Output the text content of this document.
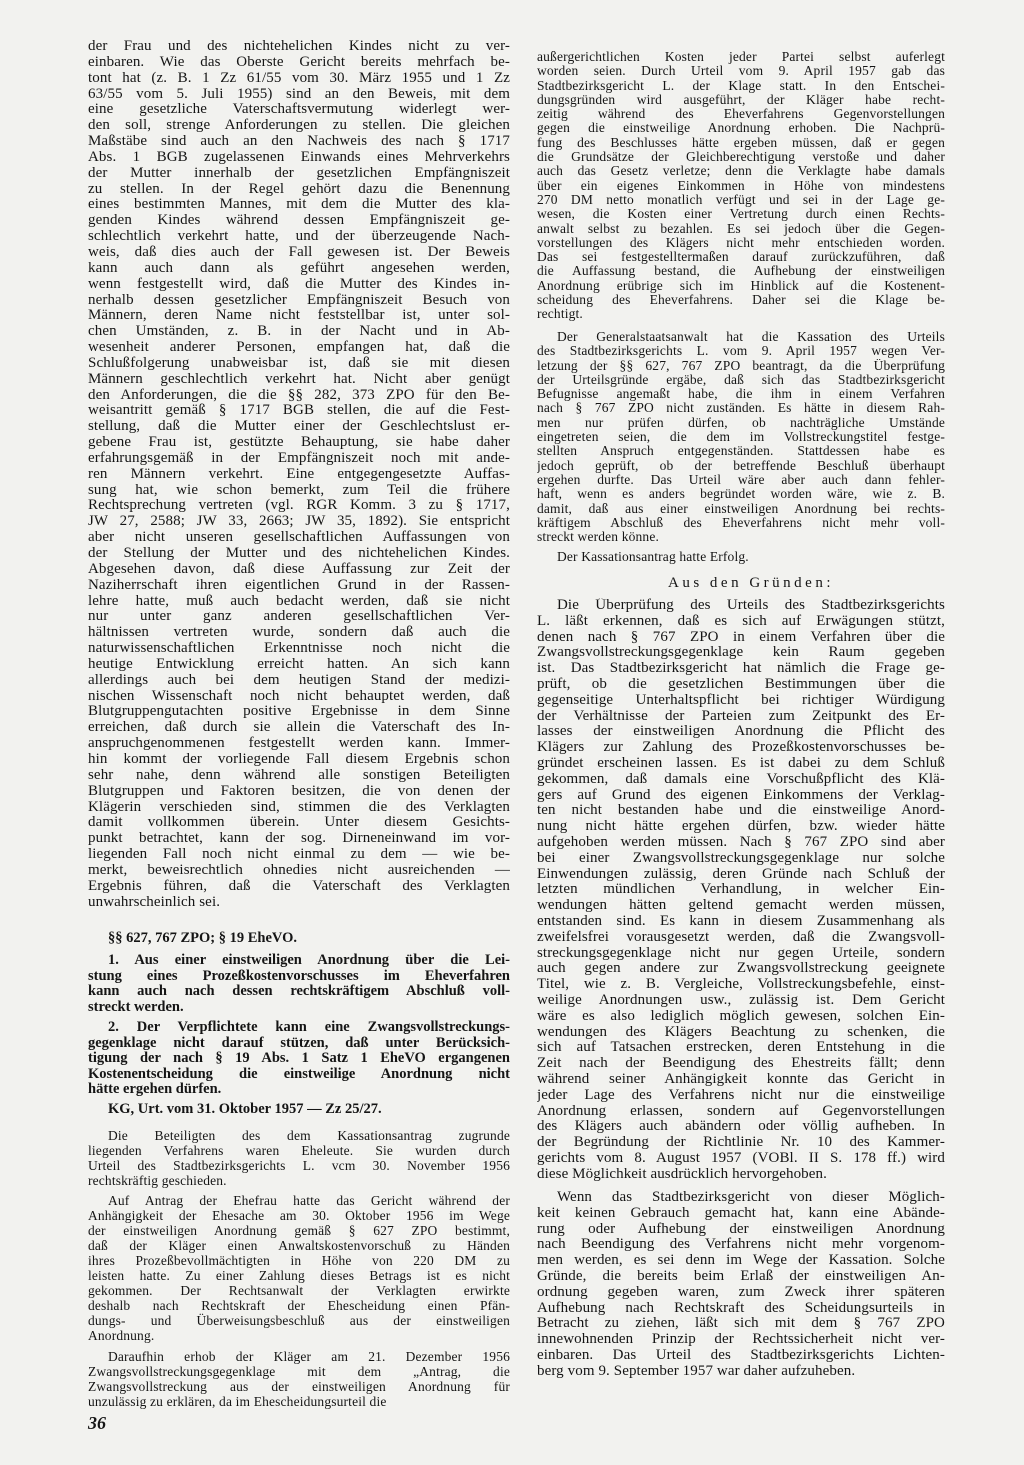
der Frau und des nichtehelichen Kindes nicht zu ver-
einbaren. Wie das Oberste Gericht bereits mehrfach be-
tont hat (z. B. 1 Zz 61/55 vom 30. März 1955 und 1 Zz
63/55 vom 5. Juli 1955) sind an den Beweis, mit dem
eine gesetzliche Vaterschaftsvermutung widerlegt wer-
den soll, strenge Anforderungen zu stellen. Die gleichen
Maßstäbe sind auch an den Nachweis des nach § 1717
Abs. 1 BGB zugelassenen Einwands eines Mehrverkehrs
der Mutter innerhalb der gesetzlichen Empfängniszeit
zu stellen. In der Regel gehört dazu die Benennung
eines bestimmten Mannes, mit dem die Mutter des kla-
genden Kindes während dessen Empfängniszeit ge-
schlechtlich verkehrt hatte, und der überzeugende Nach-
weis, daß dies auch der Fall gewesen ist. Der Beweis
kann auch dann als geführt angesehen werden,
wenn festgestellt wird, daß die Mutter des Kindes in-
nerhalb dessen gesetzlicher Empfängniszeit Besuch von
Männern, deren Name nicht feststellbar ist, unter sol-
chen Umständen, z. B. in der Nacht und in Ab-
wesenheit anderer Personen, empfangen hat, daß die
Schlußfolgerung unabweisbar ist, daß sie mit diesen
Männern geschlechtlich verkehrt hat. Nicht aber genügt
den Anforderungen, die die §§ 282, 373 ZPO für den Be-
weisantritt gemäß § 1717 BGB stellen, die auf die Fest-
stellung, daß die Mutter einer der Geschlechtslust er-
gebene Frau ist, gestützte Behauptung, sie habe daher
erfahrungsgemäß in der Empfängniszeit noch mit ande-
ren Männern verkehrt. Eine entgegengesetzte Auffas-
sung hat, wie schon bemerkt, zum Teil die frühere
Rechtsprechung vertreten (vgl. RGR Komm. 3 zu § 1717,
JW 27, 2588; JW 33, 2663; JW 35, 1892). Sie entspricht
aber nicht unseren gesellschaftlichen Auffassungen von
der Stellung der Mutter und des nichtehelichen Kindes.
Abgesehen davon, daß diese Auffassung zur Zeit der
Naziherrschaft ihren eigentlichen Grund in der Rassen-
lehre hatte, muß auch bedacht werden, daß sie nicht
nur unter ganz anderen gesellschaftlichen Ver-
hältnissen vertreten wurde, sondern daß auch die
naturwissenschaftlichen Erkenntnisse noch nicht die
heutige Entwicklung erreicht hatten. An sich kann
allerdings auch bei dem heutigen Stand der medizi-
nischen Wissenschaft noch nicht behauptet werden, daß
Blutgruppengutachten positive Ergebnisse in dem Sinne
erreichen, daß durch sie allein die Vaterschaft des In-
anspruchgenommenen festgestellt werden kann. Immer-
hin kommt der vorliegende Fall diesem Ergebnis schon
sehr nahe, denn während alle sonstigen Beteiligten
Blutgruppen und Faktoren besitzen, die von denen der
Klägerin verschieden sind, stimmen die des Verklagten
damit vollkommen überein. Unter diesem Gesichts-
punkt betrachtet, kann der sog. Dirneneinwand im vor-
liegenden Fall noch nicht einmal zu dem — wie be-
merkt, beweisrechtlich ohnedies nicht ausreichenden —
Ergebnis führen, daß die Vaterschaft des Verklagten
unwahrscheinlich sei.
§§ 627, 767 ZPO; § 19 EheVO.
1. Aus einer einstweiligen Anordnung über die Lei-
stung eines Prozeßkostenvorschusses im Eheverfahren
kann auch nach dessen rechtskräftigem Abschluß voll-
streckt werden.
2. Der Verpflichtete kann eine Zwangsvollstreckungs-
gegenklage nicht darauf stützen, daß unter Berücksich-
tigung der nach § 19 Abs. 1 Satz 1 EheVO ergangenen
Kostenentscheidung die einstweilige Anordnung nicht
hätte ergehen dürfen.
KG, Urt. vom 31. Oktober 1957 — Zz 25/27.
Die Beteiligten des dem Kassationsantrag zugrunde
liegenden Verfahrens waren Eheleute. Sie wurden durch
Urteil des Stadtbezirksgerichts L. vcm 30. November 1956
rechtskräftig geschieden.
Auf Antrag der Ehefrau hatte das Gericht während der
Anhängigkeit der Ehesache am 30. Oktober 1956 im Wege
der einstweiligen Anordnung gemäß § 627 ZPO bestimmt,
daß der Kläger einen Anwaltskostenvorschuß zu Händen
ihres Prozeßbevollmächtigten in Höhe von 220 DM zu
leisten hatte. Zu einer Zahlung dieses Betrags ist es nicht
gekommen. Der Rechtsanwalt der Verklagten erwirkte
deshalb nach Rechtskraft der Ehescheidung einen Pfän-
dungs- und Überweisungsbeschluß aus der einstweiligen
Anordnung.
Daraufhin erhob der Kläger am 21. Dezember 1956
Zwangsvollstreckungsgegenklage mit dem „Antrag, die
Zwangsvollstreckung aus der einstweiligen Anordnung für
unzulässig zu erklären, da im Ehescheidungsurteil die
außergerichtlichen Kosten jeder Partei selbst auferlegt
worden seien. Durch Urteil vom 9. April 1957 gab das
Stadtbezirksgericht L. der Klage statt. In den Entschei-
dungsgründen wird ausgeführt, der Kläger habe recht-
zeitig während des Eheverfahrens Gegenvorstellungen
gegen die einstweilige Anordnung erhoben. Die Nachprü-
fung des Beschlusses hätte ergeben müssen, daß er gegen
die Grundsätze der Gleichberechtigung verstoße und daher
auch das Gesetz verletze; denn die Verklagte habe damals
über ein eigenes Einkommen in Höhe von mindestens
270 DM netto monatlich verfügt und sei in der Lage ge-
wesen, die Kosten einer Vertretung durch einen Rechts-
anwalt selbst zu bezahlen. Es sei jedoch über die Gegen-
vorstellungen des Klägers nicht mehr entschieden worden.
Das sei festgestelltermaßen darauf zurückzuführen, daß
die Auffassung bestand, die Aufhebung der einstweiligen
Anordnung erübrige sich im Hinblick auf die Kostenent-
scheidung des Eheverfahrens. Daher sei die Klage be-
rechtigt.
Der Generalstaatsanwalt hat die Kassation des Urteils
des Stadtbezirksgerichts L. vom 9. April 1957 wegen Ver-
letzung der §§ 627, 767 ZPO beantragt, da die Überprüfung
der Urteilsgründe ergäbe, daß sich das Stadtbezirksgericht
Befugnisse angemaßt habe, die ihm in einem Verfahren
nach § 767 ZPO nicht zuständen. Es hätte in diesem Rah-
men nur prüfen dürfen, ob nachträgliche Umstände
eingetreten seien, die dem im Vollstreckungstitel festge-
stellten Anspruch entgegenständen. Stattdessen habe es
jedoch geprüft, ob der betreffende Beschluß überhaupt
ergehen durfte. Das Urteil wäre aber auch dann fehler-
haft, wenn es anders begründet worden wäre, wie z. B.
damit, daß aus einer einstweiligen Anordnung bei rechts-
kräftigem Abschluß des Eheverfahrens nicht mehr voll-
streckt werden könne.
Der Kassationsantrag hatte Erfolg.
Aus den Gründen:
Die Überprüfung des Urteils des Stadtbezirksgerichts
L. läßt erkennen, daß es sich auf Erwägungen stützt,
denen nach § 767 ZPO in einem Verfahren über die
Zwangsvollstreckungsgegenklage kein Raum gegeben
ist. Das Stadtbezirksgericht hat nämlich die Frage ge-
prüft, ob die gesetzlichen Bestimmungen über die
gegenseitige Unterhaltspflicht bei richtiger Würdigung
der Verhältnisse der Parteien zum Zeitpunkt des Er-
lasses der einstweiligen Anordnung die Pflicht des
Klägers zur Zahlung des Prozeßkostenvorschusses be-
gründet erscheinen lassen. Es ist dabei zu dem Schluß
gekommen, daß damals eine Vorschußpflicht des Klä-
gers auf Grund des eigenen Einkommens der Verklag-
ten nicht bestanden habe und die einstweilige Anord-
nung nicht hätte ergehen dürfen, bzw. wieder hätte
aufgehoben werden müssen. Nach § 767 ZPO sind aber
bei einer Zwangsvollstreckungsgegenklage nur solche
Einwendungen zulässig, deren Gründe nach Schluß der
letzten mündlichen Verhandlung, in welcher Ein-
wendungen hätten geltend gemacht werden müssen,
entstanden sind. Es kann in diesem Zusammenhang als
zweifelsfrei vorausgesetzt werden, daß die Zwangsvoll-
streckungsgegenklage nicht nur gegen Urteile, sondern
auch gegen andere zur Zwangsvollstreckung geeignete
Titel, wie z. B. Vergleiche, Vollstreckungsbefehle, einst-
weilige Anordnungen usw., zulässig ist. Dem Gericht
wäre es also lediglich möglich gewesen, solchen Ein-
wendungen des Klägers Beachtung zu schenken, die
sich auf Tatsachen erstrecken, deren Entstehung in die
Zeit nach der Beendigung des Ehestreits fällt; denn
während seiner Anhängigkeit konnte das Gericht in
jeder Lage des Verfahrens nicht nur die einstweilige
Anordnung erlassen, sondern auf Gegenvorstellungen
des Klägers auch abändern oder völlig aufheben. In
der Begründung der Richtlinie Nr. 10 des Kammer-
gerichts vom 8. August 1957 (VOBl. II S. 178 ff.) wird
diese Möglichkeit ausdrücklich hervorgehoben.
Wenn das Stadtbezirksgericht von dieser Möglich-
keit keinen Gebrauch gemacht hat, kann eine Abände-
rung oder Aufhebung der einstweiligen Anordnung
nach Beendigung des Verfahrens nicht mehr vorgenom-
men werden, es sei denn im Wege der Kassation. Solche
Gründe, die bereits beim Erlaß der einstweiligen An-
ordnung gegeben waren, zum Zweck ihrer späteren
Aufhebung nach Rechtskraft des Scheidungsurteils in
Betracht zu ziehen, läßt sich mit dem § 767 ZPO
innewohnenden Prinzip der Rechtssicherheit nicht ver-
einbaren. Das Urteil des Stadtbezirksgerichts Lichten-
berg vom 9. September 1957 war daher aufzuheben.
36
